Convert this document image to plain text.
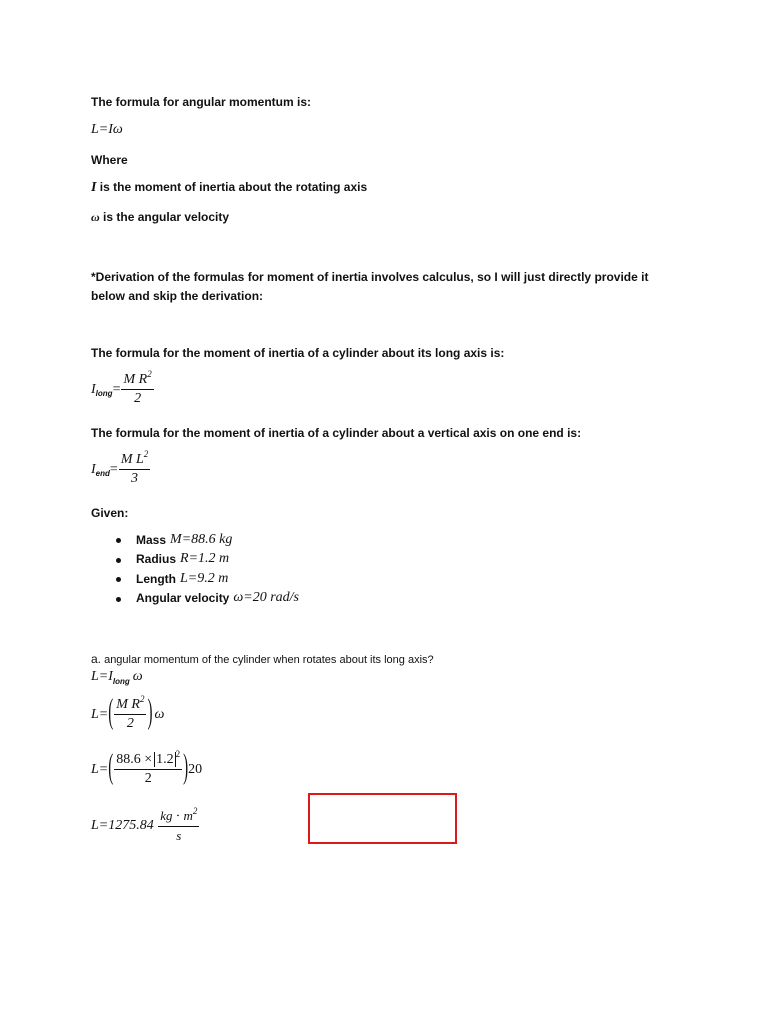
The formula for angular momentum is:
L=Iω
Where
I is the moment of inertia about the rotating axis
ω is the angular velocity
*Derivation of the formulas for moment of inertia involves calculus, so I will just directly provide it
below and skip the derivation:
The formula for the moment of inertia of a cylinder about its long axis is:
I long = $\frac{M R^2}{2}$
The formula for the moment of inertia of a cylinder about a vertical axis on one end is:
I end = $\frac{M L^2}{3}$
Given:
Mass M=88.6 kg
Radius R=1.2 m
Length L=9.2 m
Angular velocity ω=20 rad/s
a. angular momentum of the cylinder when rotates about its long axis?
L=I long ω
L= ( $\frac{M R^2}{2}$ ) ω
L= ( $\frac{88.6 \times 1.2 ^2}{2}$ ) 20
$L=1275.84 \frac{kg \cdot m^2}{s}$
